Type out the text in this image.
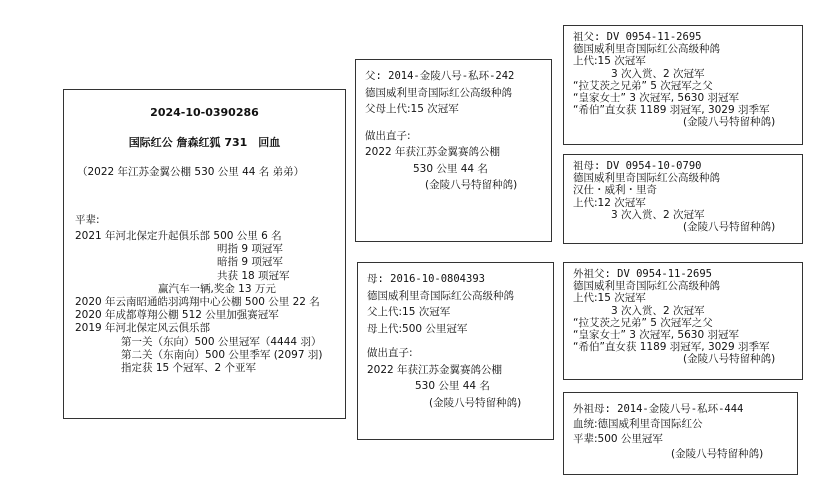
2024-10-0390286
国际红公 詹森红狐 731　回血
（2022 年江苏金翼公棚 530 公里 44 名 弟弟）
平辈:
2021 年河北保定升起俱乐部 500 公里 6 名
明指 9 项冠军
暗指 9 项冠军
共获 18 项冠军
赢汽车一辆,奖金 13 万元
2020 年云南昭通皓羽鸿翔中心公棚 500 公里 22 名
2020 年成都尊翔公棚 512 公里加强赛冠军
2019 年河北保定风云俱乐部
第一关（东向）500 公里冠军（4444 羽）
第二关（东南向）500 公里季军 (2097 羽)
指定获 15 个冠军、2 个亚军
父: 2014-金陵八号-私环-242
德国威利里奇国际红公高级种鸽
父母上代:15 次冠军
做出直子:
2022 年获江苏金翼赛鸽公棚
530 公里 44 名
(金陵八号特留种鸽)
母: 2016-10-0804393
德国威利里奇国际红公高级种鸽
父上代:15 次冠军
母上代:500 公里冠军
做出直子:
2022 年获江苏金翼赛鸽公棚
530 公里 44 名
(金陵八号特留种鸽)
祖父: DV 0954-11-2695
德国威利里奇国际红公高级种鸽
上代:15 次冠军
3 次入赏、2 次冠军
“拉艾茨之兄弟” 5 次冠军之父
“皇家女士” 3 次冠军, 5630 羽冠军
“希伯”直女获 1189 羽冠军, 3029 羽季军
(金陵八号特留种鸽)
祖母: DV 0954-10-0790
德国威利里奇国际红公高级种鸽
汉仕・威利・里奇
上代:12 次冠军
3 次入赏、2 次冠军
(金陵八号特留种鸽)
外祖父: DV 0954-11-2695
德国威利里奇国际红公高级种鸽
上代:15 次冠军
3 次入赏、2 次冠军
“拉艾茨之兄弟” 5 次冠军之父
“皇家女士” 3 次冠军, 5630 羽冠军
“希伯”直女获 1189 羽冠军, 3029 羽季军
(金陵八号特留种鸽)
外祖母: 2014-金陵八号-私环-444
血统:德国威利里奇国际红公
平辈:500 公里冠军
(金陵八号特留种鸽)
